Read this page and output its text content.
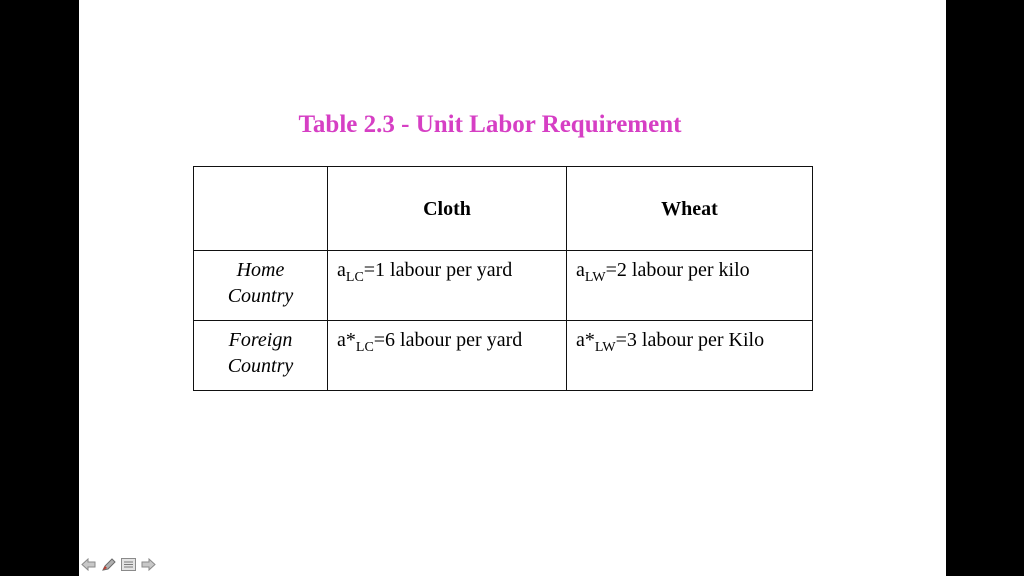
Table 2.3 - Unit Labor Requirement
	Cloth	Wheat
Home
Country	$a_{LC}=1$ labour per yard	$a_{LW}=2$ labour per kilo
Foreign
Country	$a*_{LC}=6$ labour per yard	$a*_{LW}=3$ labour per Kilo
